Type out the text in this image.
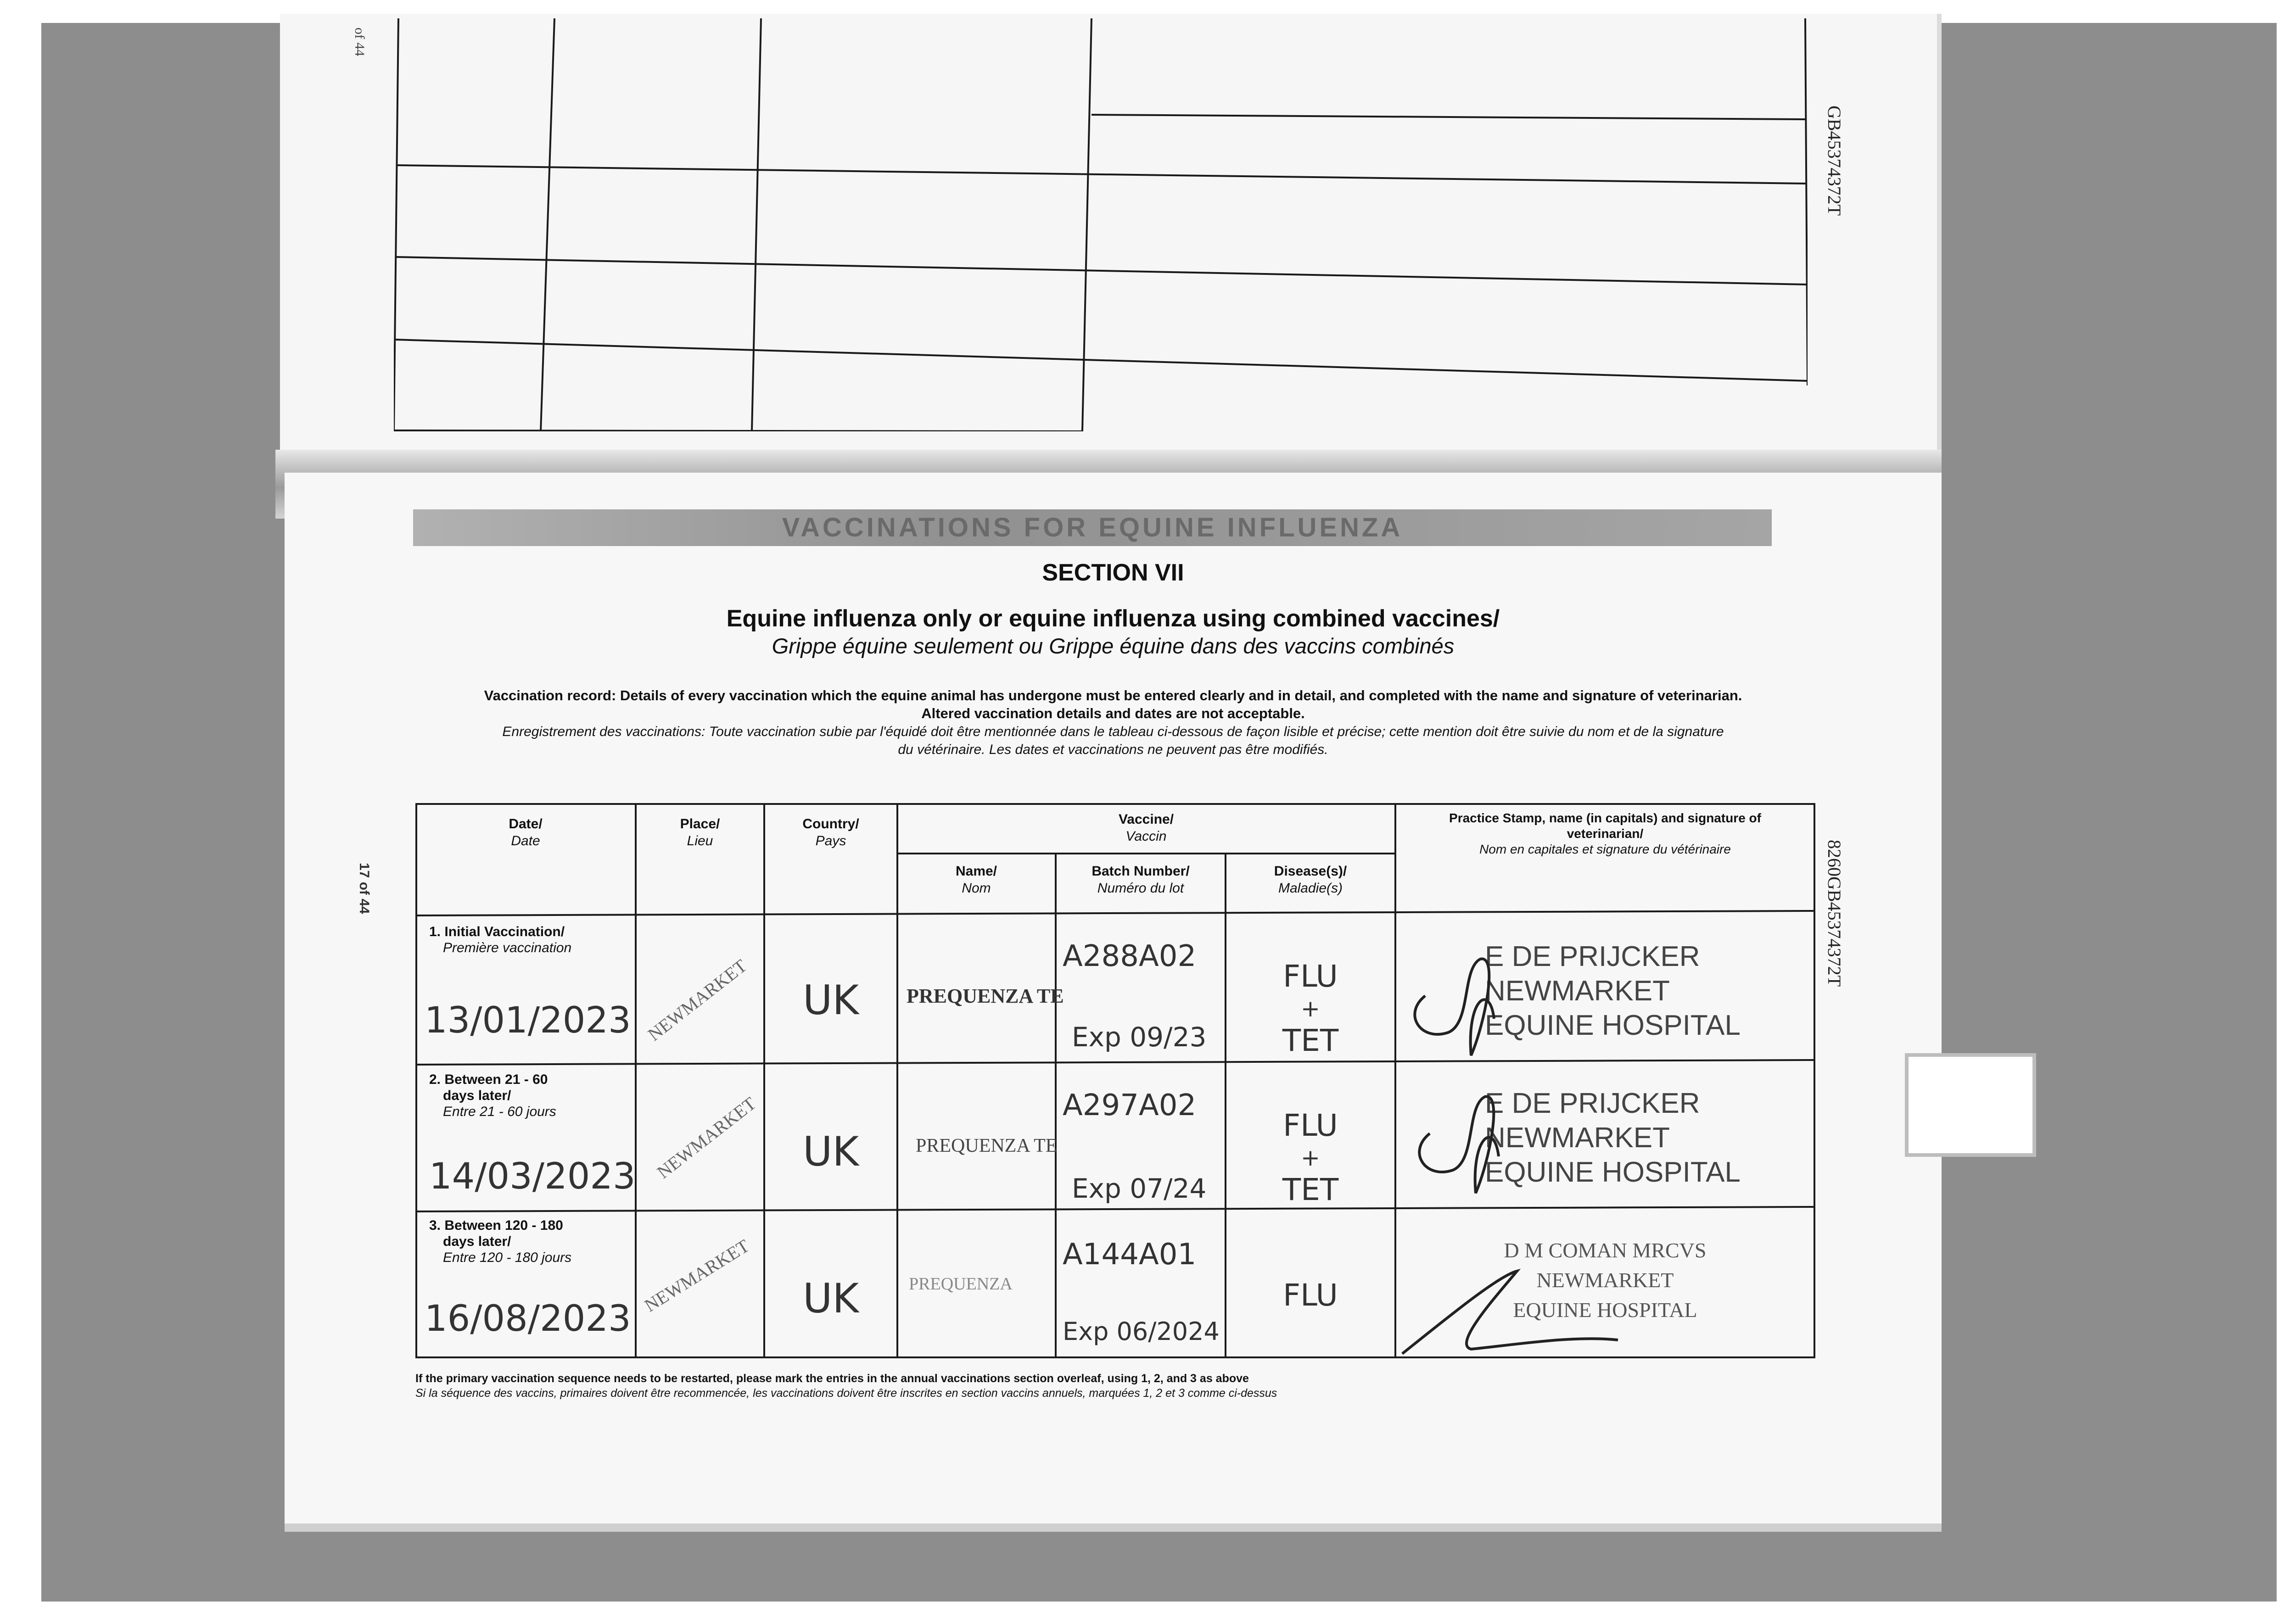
of 44
GB45374372T
8260GB45374372T
17 of 44
VACCINATIONS FOR EQUINE INFLUENZA
SECTION VII
Equine influenza only or equine influenza using combined vaccines/
Grippe équine seulement ou Grippe équine dans des vaccins combinés
Vaccination record: Details of every vaccination which the equine animal has undergone must be entered clearly and in detail, and completed with the name and signature of veterinarian.
Altered vaccination details and dates are not acceptable.
Enregistrement des vaccinations: Toute vaccination subie par l'équidé doit être mentionnée dans le tableau ci-dessous de façon lisible et précise; cette mention doit être suivie du nom et de la signature
du vétérinaire. Les dates et vaccinations ne peuvent pas être modifiés.
Date/
Date
Place/
Lieu
Country/
Pays
Vaccine/
Vaccin
Name/
Nom
Batch Number/
Numéro du lot
Disease(s)/
Maladie(s)
Practice Stamp, name (in capitals) and signature of
veterinarian/
Nom en capitales et signature du vétérinaire
1. Initial Vaccination/
Première vaccination
13/01/2023 NEWMARKET UK PREQUENZA TE
A288A02
Exp 09/23
FLU
+
TET
E DE PRIJCKER
NEWMARKET
EQUINE HOSPITAL
2. Between 21 - 60
days later/
Entre 21 - 60 jours
14/03/2023 NEWMARKET UK	PREQUENZA TE
A297A02
Exp 07/24
FLU
+
TET
E DE PRIJCKER
NEWMARKET
EQUINE HOSPITAL
3. Between 120 - 180
days later/
Entre 120 - 180 jours
16/08/2023
NEWMARKET UK	PREQUENZA
A144A01
Exp 06/2024
FLU
D M COMAN MRCVS
NEWMARKET
EQUINE HOSPITAL
If the primary vaccination sequence needs to be restarted, please mark the entries in the annual vaccinations section overleaf, using 1, 2, and 3 as above
Si la séquence des vaccins, primaires doivent être recommencée, les vaccinations doivent être inscrites en section vaccins annuels, marquées 1, 2 et 3 comme ci-dessus
